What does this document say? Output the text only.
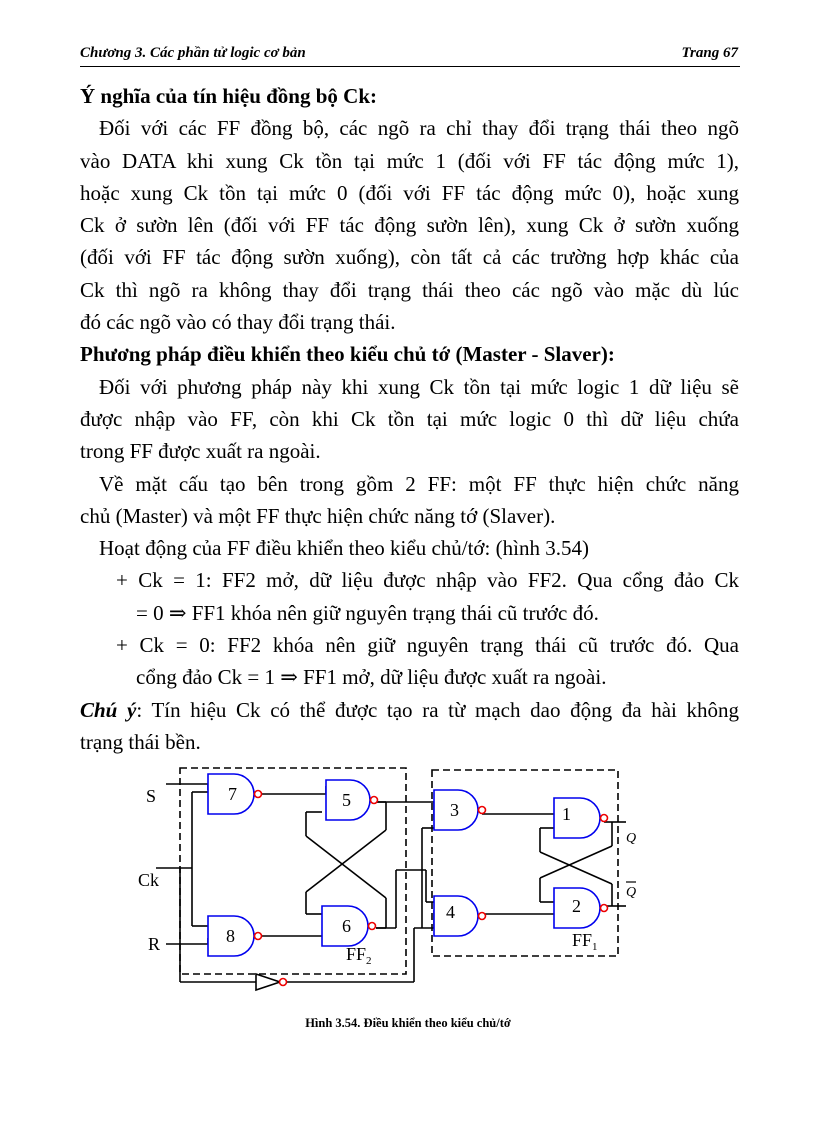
Chương 3. Các phần tử logic cơ bản	Trang 67

Ý nghĩa của tín hiệu đồng bộ Ck:

Đối với các FF đồng bộ, các ngõ ra chỉ thay đổi trạng thái theo ngõ

vào DATA khi xung Ck tồn tại mức 1 (đối với FF tác động mức 1),

hoặc xung Ck tồn tại mức 0 (đối với FF tác động mức 0), hoặc xung

Ck ở sườn lên (đối với FF tác động sườn lên), xung Ck ở sườn xuống

(đối với FF tác động sườn xuống), còn tất cả các trường hợp khác của

Ck thì ngõ ra không thay đổi trạng thái theo các ngõ vào mặc dù lúc

đó các ngõ vào có thay đổi trạng thái.

Phương pháp điều khiển theo kiểu chủ tớ (Master - Slaver):

Đối với phương pháp này khi xung Ck tồn tại mức logic 1 dữ liệu sẽ

được nhập vào FF, còn khi Ck tồn tại mức logic 0 thì dữ liệu chứa

trong FF được xuất ra ngoài.

Về mặt cấu tạo bên trong gồm 2 FF: một FF thực hiện chức năng

chủ (Master) và một FF thực hiện chức năng tớ (Slaver).

Hoạt động của FF điều khiển theo kiểu chủ/tớ: (hình 3.54)

+ Ck = 1: FF2 mở, dữ liệu được nhập vào FF2. Qua cổng đảo Ck

= 0 ⇒ FF1 khóa nên giữ nguyên trạng thái cũ trước đó.

+ Ck = 0: FF2 khóa nên giữ nguyên trạng thái cũ trước đó. Qua

cổng đảo Ck = 1 ⇒ FF1 mở, dữ liệu được xuất ra ngoài.

Chú ý: Tín hiệu Ck có thể được tạo ra từ mạch dao động đa hài không

trạng thái bền.

S
Ck
R
7	5
8	6
3	1
4	2
$FF_2$
$FF_1$
Q
Q
Hình 3.54. Điều khiển theo kiểu chủ/tớ
